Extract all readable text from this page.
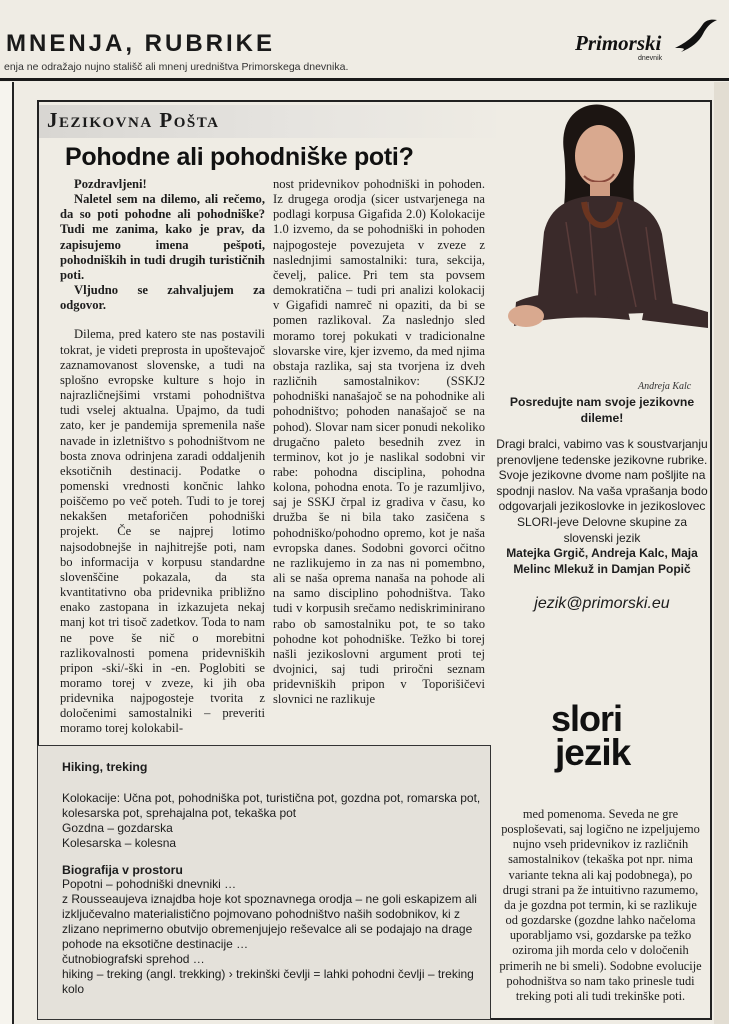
MNENJA, RUBRIKE
enja ne odražajo nujno stališč ali mnenj uredništva Primorskega dnevnika.
Primorski
dnevnik
Jezikovna Pošta
Pohodne ali pohodniške poti?

Pozdravljeni!

Naletel sem na dilemo, ali rečemo, da so poti pohodne ali pohodniške? Tudi me zanima, kako je prav, da zapisujemo imena pešpoti, pohodniških in tudi drugih turističnih poti.

Vljudno se zahvaljujem za odgovor.

Dilema, pred katero ste nas postavili tokrat, je videti preprosta in upoštevajoč zaznamovanost slovenske, a tudi na splošno evropske kulture s hojo in najrazličnejšimi vrstami pohodništva tudi vselej aktualna. Upajmo, da tudi zato, ker je pandemija spremenila naše navade in izletništvo s pohodništvom ne bosta znova odrinjena zaradi oddaljenih eksotičnih destinacij. Podatke o pomenski vrednosti končnic lahko poiščemo po več poteh. Tudi to je torej nekakšen metaforičen pohodniški projekt. Če se najprej lotimo najsodobnejše in najhitrejše poti, nam bo informacija v korpusu standardne slovenščine pokazala, da sta kvantitativno oba pridevnika približno enako zastopana in izkazujeta nekaj manj kot tri tisoč zadetkov. Toda to nam ne pove še nič o morebitni razlikovalnosti pomena pridevniških pripon -ski/-ški in -en. Poglobiti se moramo torej v zveze, ki jih oba pridevnika najpogosteje tvorita z določenimi samostalniki – preveriti moramo torej kolokabil-

nost pridevnikov pohodniški in pohoden. Iz drugega orodja (sicer ustvarjenega na podlagi korpusa Gigafida 2.0) Kolokacije 1.0 izvemo, da se pohodniški in pohoden najpogosteje povezujeta v zveze z naslednjimi samostalniki: tura, sekcija, čevelj, palice. Pri tem sta povsem demokratična – tudi pri analizi kolokacij v Gigafidi namreč ni opaziti, da bi se pomen razlikoval. Za naslednjo sled moramo torej pokukati v tradicionalne slovarske vire, kjer izvemo, da med njima obstaja razlika, saj sta tvorjena iz dveh različnih samostalnikov: (SSKJ2 pohodniški nanašajoč se na pohodnike ali pohodništvo; pohoden nanašajoč se na pohod). Slovar nam sicer ponudi nekoliko drugačno paleto besednih zvez in terminov, kot jo je naslikal sodobni vir rabe: pohodna disciplina, pohodna kolona, pohodna enota. To je razumljivo, saj je SSKJ črpal iz gradiva v času, ko družba še ni bila tako zasičena s pohodniško/pohodno opremo, kot je naša evropska danes. Sodobni govorci očitno ne razlikujemo in za nas ni pomembno, ali se naša oprema nanaša na pohode ali na samo disciplino pohodništva. Tako tudi v korpusih srečamo nediskriminirano rabo ob samostalniku pot, te so tako pohodne kot pohodniške. Težko bi torej našli jezikoslovni argument proti tej dvojnici, saj tudi priročni seznam pridevniških pripon v Toporišičevi slovnici ne razlikuje

Andreja Kalc
Posredujte nam svoje jezikovne dileme!
Dragi bralci, vabimo vas k soustvarjanju prenovljene tedenske jezikovne rubrike. Svoje jezikovne dvome nam pošljite na spodnji naslov. Na vaša vprašanja bodo odgovarjali jezikoslovke in jezikoslovec SLORI-jeve Delovne skupine za slovenski jezik
Matejka Grgič, Andreja Kalc, Maja Melinc Mlekuž in Damjan Popič
jezik@primorski.eu
slori
jezik

med pomenoma. Seveda ne gre posploševati, saj logično ne izpeljujemo nujno vseh pridevnikov iz različnih samostalnikov (tekaška pot npr. nima variante tekna ali kaj podobnega), po drugi strani pa že intuitivno razumemo, da je gozdna pot termin, ki se razlikuje od gozdarske (gozdne lahko načeloma uporabljamo vsi, gozdarske pa težko oziroma jih morda celo v določenih primerih ne bi smeli). Sodobne evolucije pohodništva so nam tako prinesle tudi treking poti ali tudi trekinške poti.

Hiking, treking

Kolokacije: Učna pot, pohodniška pot, turistična pot, gozdna pot, romarska pot, kolesarska pot, sprehajalna pot, tekaška pot

Gozdna – gozdarska

Kolesarska – kolesna

Biografija v prostoru

Popotni – pohodniški dnevniki …

z Rousseaujeva iznajdba hoje kot spoznavnega orodja – ne goli eskapizem ali izključevalno materialistično pojmovano pohodništvo naših sodobnikov, ki z zlizano neprimerno obutvijo obremenjujejo reševalce ali se podajajo na drage pohode na eksotične destinacije …

čutnobiografski sprehod …

hiking – treking (angl. trekking) › trekinški čevlji = lahki pohodni čevlji – treking kolo
